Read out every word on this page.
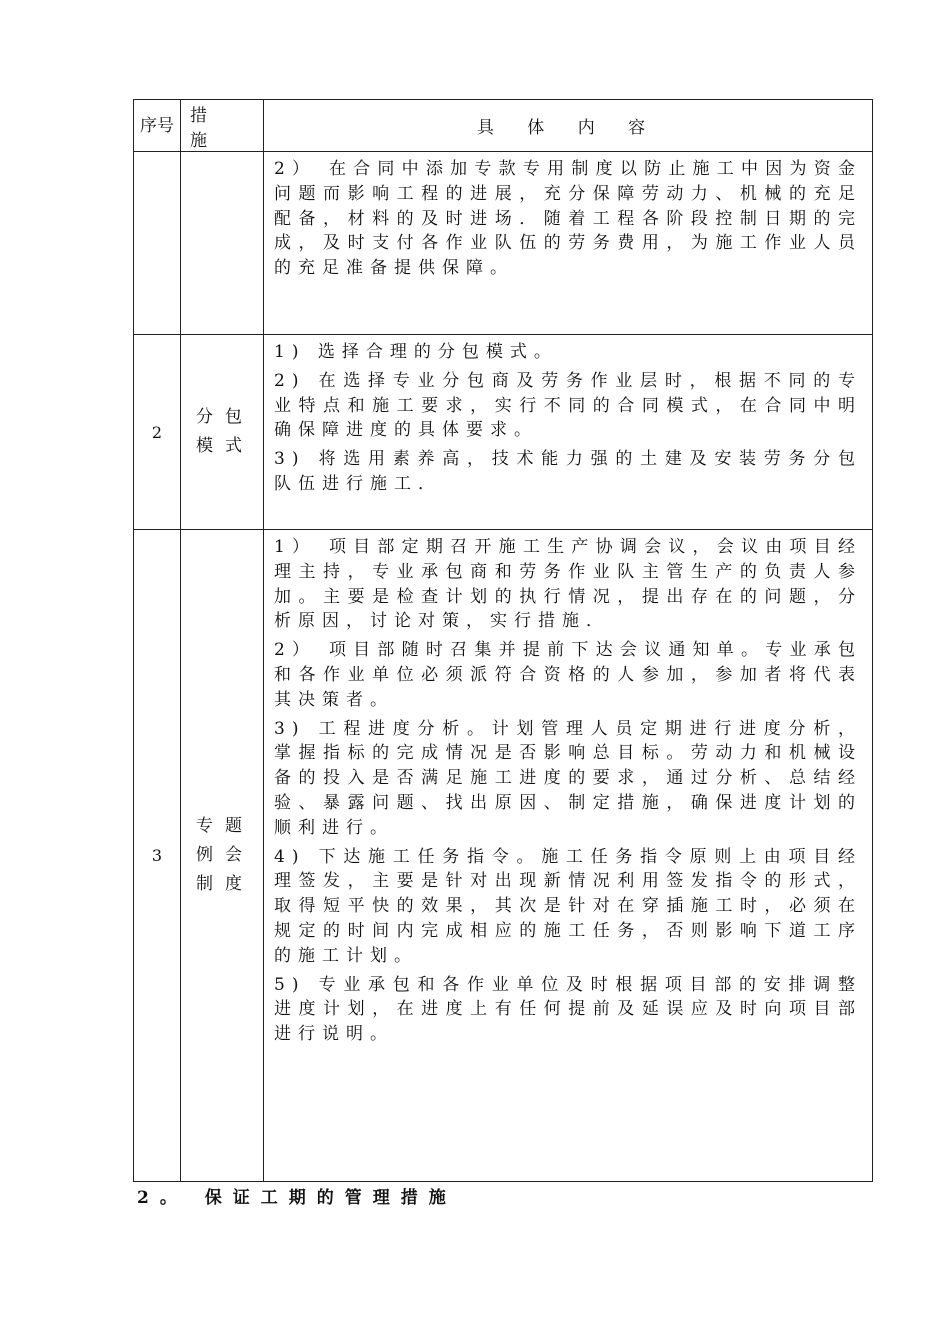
序号	措 施	具 体 内 容

		2） 在合同中添加专款专用制度以防止施工中因为资金问题而影响工程的进展，充分保障劳动力、机械的充足配备，材料的及时进场．随着工程各阶段控制日期的完成，及时支付各作业队伍的劳务费用，为施工作业人员的充足准备提供保障。

2	分包模式	1) 选择合理的分包模式。

2) 在选择专业分包商及劳务作业层时，根据不同的专业特点和施工要求，实行不同的合同模式，在合同中明确保障进度的具体要求。

3) 将选用素养高，技术能力强的土建及安装劳务分包队伍进行施工．

3	专题例会制度	1） 项目部定期召开施工生产协调会议，会议由项目经理主持，专业承包商和劳务作业队主管生产的负责人参加。主要是检查计划的执行情况，提出存在的问题，分析原因，讨论对策，实行措施．

2） 项目部随时召集并提前下达会议通知单。专业承包和各作业单位必须派符合资格的人参加，参加者将代表其决策者。

3) 工程进度分析。计划管理人员定期进行进度分析，掌握指标的完成情况是否影响总目标。劳动力和机械设备的投入是否满足施工进度的要求，通过分析、总结经验、暴露问题、找出原因、制定措施，确保进度计划的顺利进行。

4) 下达施工任务指令。施工任务指令原则上由项目经理签发，主要是针对出现新情况利用签发指令的形式，取得短平快的效果，其次是针对在穿插施工时，必须在规定的时间内完成相应的施工任务，否则影响下道工序的施工计划。

5) 专业承包和各作业单位及时根据项目部的安排调整进度计划，在进度上有任何提前及延误应及时向项目部进行说明。

2。 保证工期的管理措施
